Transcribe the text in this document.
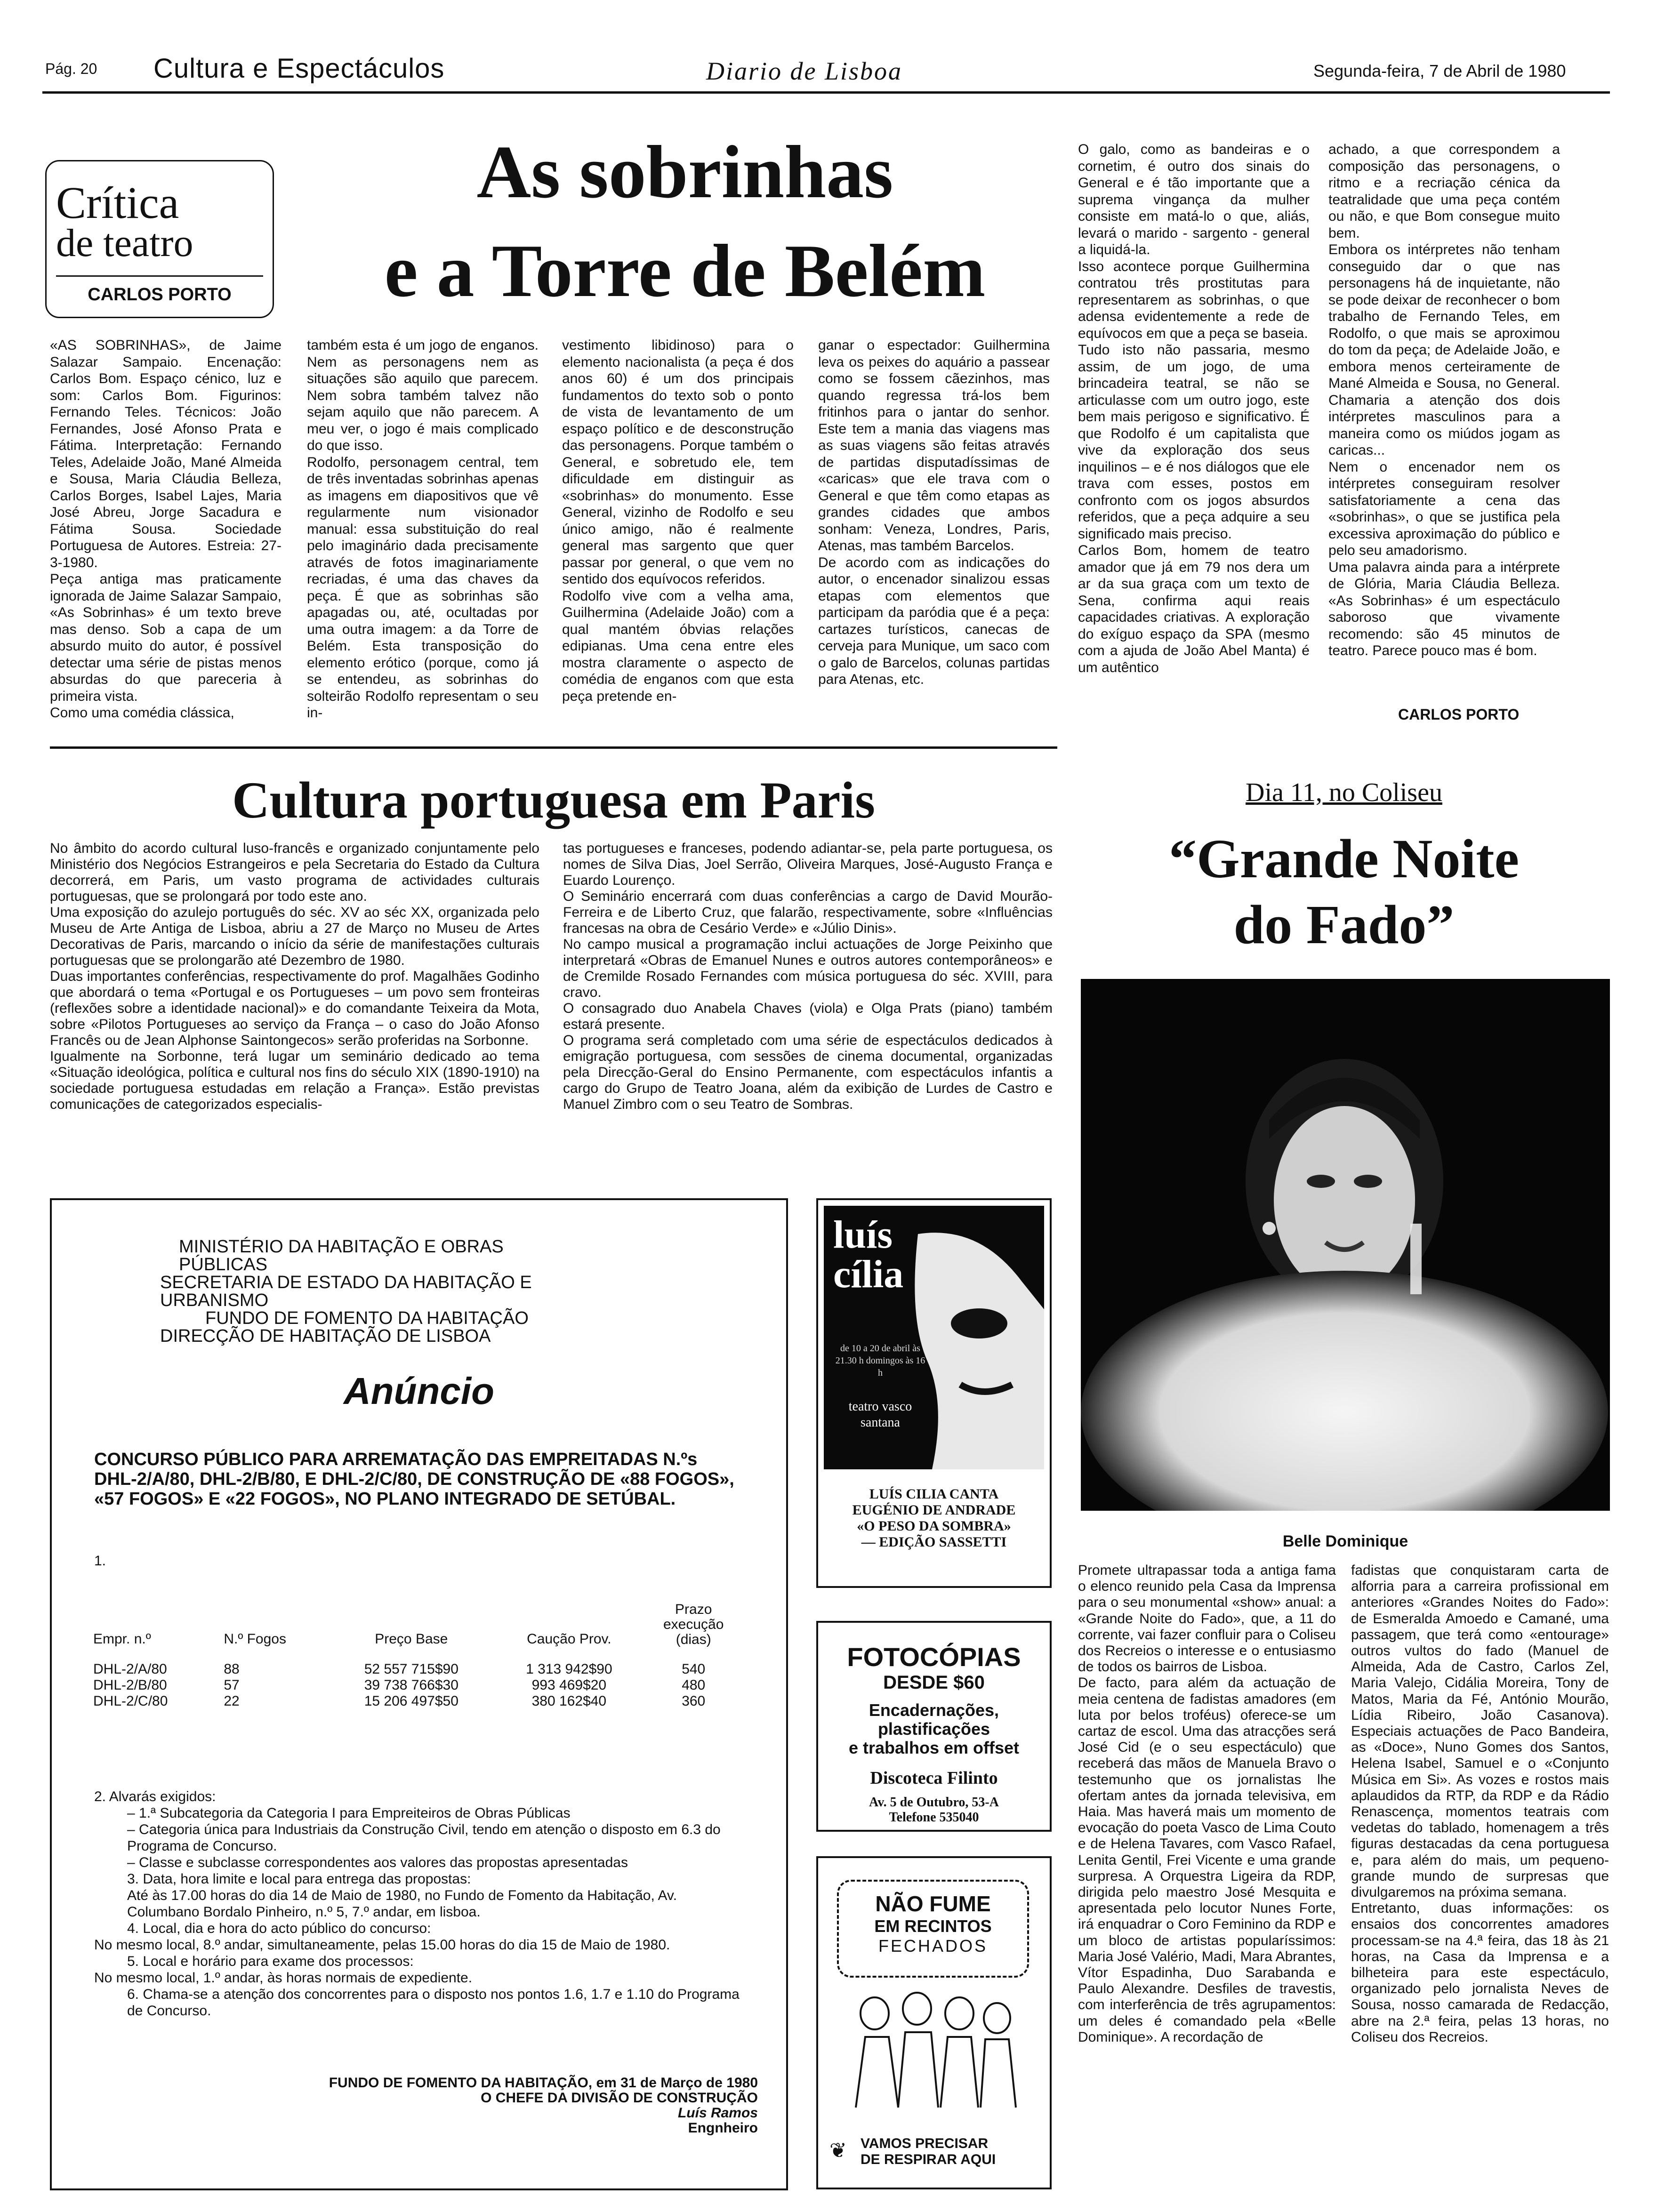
Pág. 20 Cultura e Espectáculos	Diario de Lisboa	Segunda-feira, 7 de Abril de 1980
Crítica
de teatro
CARLOS PORTO
As sobrinhas
e a Torre de Belém
«AS SOBRINHAS», de Jaime Salazar Sampaio. Encenação: Carlos Bom. Espaço cénico, luz e som: Carlos Bom. Figurinos: Fernando Teles. Técnicos: João Fernandes, José Afonso Prata e Fátima. Interpretação: Fernando Teles, Adelaide João, Mané Almeida e Sousa, Maria Cláudia Belleza, Carlos Borges, Isabel Lajes, Maria José Abreu, Jorge Sacadura e Fátima Sousa. Sociedade Portuguesa de Autores. Estreia: 27-3-1980.
Peça antiga mas praticamente ignorada de Jaime Salazar Sampaio, «As Sobrinhas» é um texto breve mas denso. Sob a capa de um absurdo muito do autor, é possível detectar uma série de pistas menos absurdas do que pareceria à primeira vista.
Como uma comédia clássica,
também esta é um jogo de enganos. Nem as personagens nem as situações são aquilo que parecem. Nem sobra também talvez não sejam aquilo que não parecem. A meu ver, o jogo é mais complicado do que isso.
Rodolfo, personagem central, tem de três inventadas sobrinhas apenas as imagens em diapositivos que vê regularmente num visionador manual: essa substituição do real pelo imaginário dada precisamente através de fotos imaginariamente recriadas, é uma das chaves da peça. É que as sobrinhas são apagadas ou, até, ocultadas por uma outra imagem: a da Torre de Belém. Esta transposição do elemento erótico (porque, como já se entendeu, as sobrinhas do solteirão Rodolfo representam o seu in-
vestimento libidinoso) para o elemento nacionalista (a peça é dos anos 60) é um dos principais fundamentos do texto sob o ponto de vista de levantamento de um espaço político e de desconstrução das personagens. Porque também o General, e sobretudo ele, tem dificuldade em distinguir as «sobrinhas» do monumento. Esse General, vizinho de Rodolfo e seu único amigo, não é realmente general mas sargento que quer passar por general, o que vem no sentido dos equívocos referidos.
Rodolfo vive com a velha ama, Guilhermina (Adelaide João) com a qual mantém óbvias relações edipianas. Uma cena entre eles mostra claramente o aspecto de comédia de enganos com que esta peça pretende en-
ganar o espectador: Guilhermina leva os peixes do aquário a passear como se fossem cãezinhos, mas quando regressa trá-los bem fritinhos para o jantar do senhor. Este tem a mania das viagens mas as suas viagens são feitas através de partidas disputadíssimas de «caricas» que ele trava com o General e que têm como etapas as grandes cidades que ambos sonham: Veneza, Londres, Paris, Atenas, mas também Barcelos.
De acordo com as indicações do autor, o encenador sinalizou essas etapas com elementos que participam da paródia que é a peça: cartazes turísticos, canecas de cerveja para Munique, um saco com o galo de Barcelos, colunas partidas para Atenas, etc.
O galo, como as bandeiras e o cornetim, é outro dos sinais do General e é tão importante que a suprema vingança da mulher consiste em matá-lo o que, aliás, levará o marido - sargento - general a liquidá-la.
Isso acontece porque Guilhermina contratou três prostitutas para representarem as sobrinhas, o que adensa evidentemente a rede de equívocos em que a peça se baseia.
Tudo isto não passaria, mesmo assim, de um jogo, de uma brincadeira teatral, se não se articulasse com um outro jogo, este bem mais perigoso e significativo. É que Rodolfo é um capitalista que vive da exploração dos seus inquilinos – e é nos diálogos que ele trava com esses, postos em confronto com os jogos absurdos referidos, que a peça adquire a seu significado mais preciso.
Carlos Bom, homem de teatro amador que já em 79 nos dera um ar da sua graça com um texto de Sena, confirma aqui reais capacidades criativas. A exploração do exíguo espaço da SPA (mesmo com a ajuda de João Abel Manta) é um autêntico
achado, a que correspondem a composição das personagens, o ritmo e a recriação cénica da teatralidade que uma peça contém ou não, e que Bom consegue muito bem.
Embora os intérpretes não tenham conseguido dar o que nas personagens há de inquietante, não se pode deixar de reconhecer o bom trabalho de Fernando Teles, em Rodolfo, o que mais se aproximou do tom da peça; de Adelaide João, e embora menos certeiramente de Mané Almeida e Sousa, no General. Chamaria a atenção dos dois intérpretes masculinos para a maneira como os miúdos jogam as caricas...
Nem o encenador nem os intérpretes conseguiram resolver satisfatoriamente a cena das «sobrinhas», o que se justifica pela excessiva aproximação do público e pelo seu amadorismo.
Uma palavra ainda para a intérprete de Glória, Maria Cláudia Belleza. «As Sobrinhas» é um espectáculo saboroso que vivamente recomendo: são 45 minutos de teatro. Parece pouco mas é bom.
CARLOS PORTO
Cultura portuguesa em Paris
No âmbito do acordo cultural luso-francês e organizado conjuntamente pelo Ministério dos Negócios Estrangeiros e pela Secretaria do Estado da Cultura decorrerá, em Paris, um vasto programa de actividades culturais portuguesas, que se prolongará por todo este ano.
Uma exposição do azulejo português do séc. XV ao séc XX, organizada pelo Museu de Arte Antiga de Lisboa, abriu a 27 de Março no Museu de Artes Decorativas de Paris, marcando o início da série de manifestações culturais portuguesas que se prolongarão até Dezembro de 1980.
Duas importantes conferências, respectivamente do prof. Magalhães Godinho que abordará o tema «Portugal e os Portugueses – um povo sem fronteiras (reflexões sobre a identidade nacional)» e do comandante Teixeira da Mota, sobre «Pilotos Portugueses ao serviço da França – o caso do João Afonso Francês ou de Jean Alphonse Saintongecos» serão proferidas na Sorbonne.
Igualmente na Sorbonne, terá lugar um seminário dedicado ao tema «Situação ideológica, política e cultural nos fins do século XIX (1890-1910) na sociedade portuguesa estudadas em relação a França». Estão previstas comunicações de categorizados especialis-
tas portugueses e franceses, podendo adiantar-se, pela parte portuguesa, os nomes de Silva Dias, Joel Serrão, Oliveira Marques, José-Augusto França e Euardo Lourenço.
O Seminário encerrará com duas conferências a cargo de David Mourão-Ferreira e de Liberto Cruz, que falarão, respectivamente, sobre «Influências francesas na obra de Cesário Verde» e «Júlio Dinis».
No campo musical a programação inclui actuações de Jorge Peixinho que interpretará «Obras de Emanuel Nunes e outros autores contemporâneos» e de Cremilde Rosado Fernandes com música portuguesa do séc. XVIII, para cravo.
O consagrado duo Anabela Chaves (viola) e Olga Prats (piano) também estará presente.
O programa será completado com uma série de espectáculos dedicados à emigração portuguesa, com sessões de cinema documental, organizadas pela Direcção-Geral do Ensino Permanente, com espectáculos infantis a cargo do Grupo de Teatro Joana, além da exibição de Lurdes de Castro e Manuel Zimbro com o seu Teatro de Sombras.
Dia 11, no Coliseu
“Grande Noite
do Fado”
Belle Dominique
Promete ultrapassar toda a antiga fama o elenco reunido pela Casa da Imprensa para o seu monumental «show» anual: a «Grande Noite do Fado», que, a 11 do corrente, vai fazer confluir para o Coliseu dos Recreios o interesse e o entusiasmo de todos os bairros de Lisboa.
De facto, para além da actuação de meia centena de fadistas amadores (em luta por belos troféus) oferece-se um cartaz de escol. Uma das atracções será José Cid (e o seu espectáculo) que receberá das mãos de Manuela Bravo o testemunho que os jornalistas lhe ofertam antes da jornada televisiva, em Haia. Mas haverá mais um momento de evocação do poeta Vasco de Lima Couto e de Helena Tavares, com Vasco Rafael, Lenita Gentil, Frei Vicente e uma grande surpresa. A Orquestra Ligeira da RDP, dirigida pelo maestro José Mesquita e apresentada pelo locutor Nunes Forte, irá enquadrar o Coro Feminino da RDP e um bloco de artistas popularíssimos: Maria José Valério, Madi, Mara Abrantes, Vítor Espadinha, Duo Sarabanda e Paulo Alexandre. Desfiles de travestis, com interferência de três agrupamentos: um deles é comandado pela «Belle Dominique». A recordação de
fadistas que conquistaram carta de alforria para a carreira profissional em anteriores «Grandes Noites do Fado»: de Esmeralda Amoedo e Camané, uma passagem, que terá como «entourage» outros vultos do fado (Manuel de Almeida, Ada de Castro, Carlos Zel, Maria Valejo, Cidália Moreira, Tony de Matos, Maria da Fé, António Mourão, Lídia Ribeiro, João Casanova). Especiais actuações de Paco Bandeira, as «Doce», Nuno Gomes dos Santos, Helena Isabel, Samuel e o «Conjunto Música em Si». As vozes e rostos mais aplaudidos da RTP, da RDP e da Rádio Renascença, momentos teatrais com vedetas do tablado, homenagem a três figuras destacadas da cena portuguesa e, para além do mais, um pequeno-grande mundo de surpresas que divulgaremos na próxima semana.
Entretanto, duas informações: os ensaios dos concorrentes amadores processam-se na 4.ª feira, das 18 às 21 horas, na Casa da Imprensa e a bilheteira para este espectáculo, organizado pelo jornalista Neves de Sousa, nosso camarada de Redacção, abre na 2.ª feira, pelas 13 horas, no Coliseu dos Recreios.
MINISTÉRIO DA HABITAÇÃO E OBRAS PÚBLICAS
SECRETARIA DE ESTADO DA HABITAÇÃO E URBANISMO
FUNDO DE FOMENTO DA HABITAÇÃO
DIRECÇÃO DE HABITAÇÃO DE LISBOA
Anúncio
CONCURSO PÚBLICO PARA ARREMATAÇÃO DAS EMPREITADAS N.ºs DHL-2/A/80, DHL-2/B/80, E DHL-2/C/80, DE CONSTRUÇÃO DE «88 FOGOS», «57 FOGOS» E «22 FOGOS», NO PLANO INTEGRADO DE SETÚBAL.
1.
Empr. n.º	N.º Fogos	Preço Base	Caução Prov.	Prazo execução (dias)

DHL-2/A/80	88	52 557 715$90	1 313 942$90	540
DHL-2/B/80	57	39 738 766$30	993 469$20	480
DHL-2/C/80	22	15 206 497$50	380 162$40	360
2. Alvarás exigidos:
– 1.ª Subcategoria da Categoria I para Empreiteiros de Obras Públicas
– Categoria única para Industriais da Construção Civil, tendo em atenção o disposto em 6.3 do Programa de Concurso.
– Classe e subclasse correspondentes aos valores das propostas apresentadas
3. Data, hora limite e local para entrega das propostas:
Até às 17.00 horas do dia 14 de Maio de 1980, no Fundo de Fomento da Habitação, Av. Columbano Bordalo Pinheiro, n.º 5, 7.º andar, em lisboa.
4. Local, dia e hora do acto público do concurso:
No mesmo local, 8.º andar, simultaneamente, pelas 15.00 horas do dia 15 de Maio de 1980.
5. Local e horário para exame dos processos:
No mesmo local, 1.º andar, às horas normais de expediente.
6. Chama-se a atenção dos concorrentes para o disposto nos pontos 1.6, 1.7 e 1.10 do Programa de Concurso.
FUNDO DE FOMENTO DA HABITAÇÃO, em 31 de Março de 1980
O CHEFE DA DIVISÃO DE CONSTRUÇÃO
Luís Ramos
Engnheiro
luís
cília
de 10 a 20 de abril às 21.30 h domingos às 16 h
teatro vasco santana
LUÍS CILIA CANTA
EUGÉNIO DE ANDRADE
«O PESO DA SOMBRA»
— EDIÇÃO SASSETTI
FOTOCÓPIAS
DESDE $60
Encadernações,
plastificações
e trabalhos em offset
Discoteca Filinto
Av. 5 de Outubro, 53-A
Telefone 535040
NÃO FUME
EM RECINTOS
FECHADOS
VAMOS PRECISAR
DE RESPIRAR AQUI
❦
